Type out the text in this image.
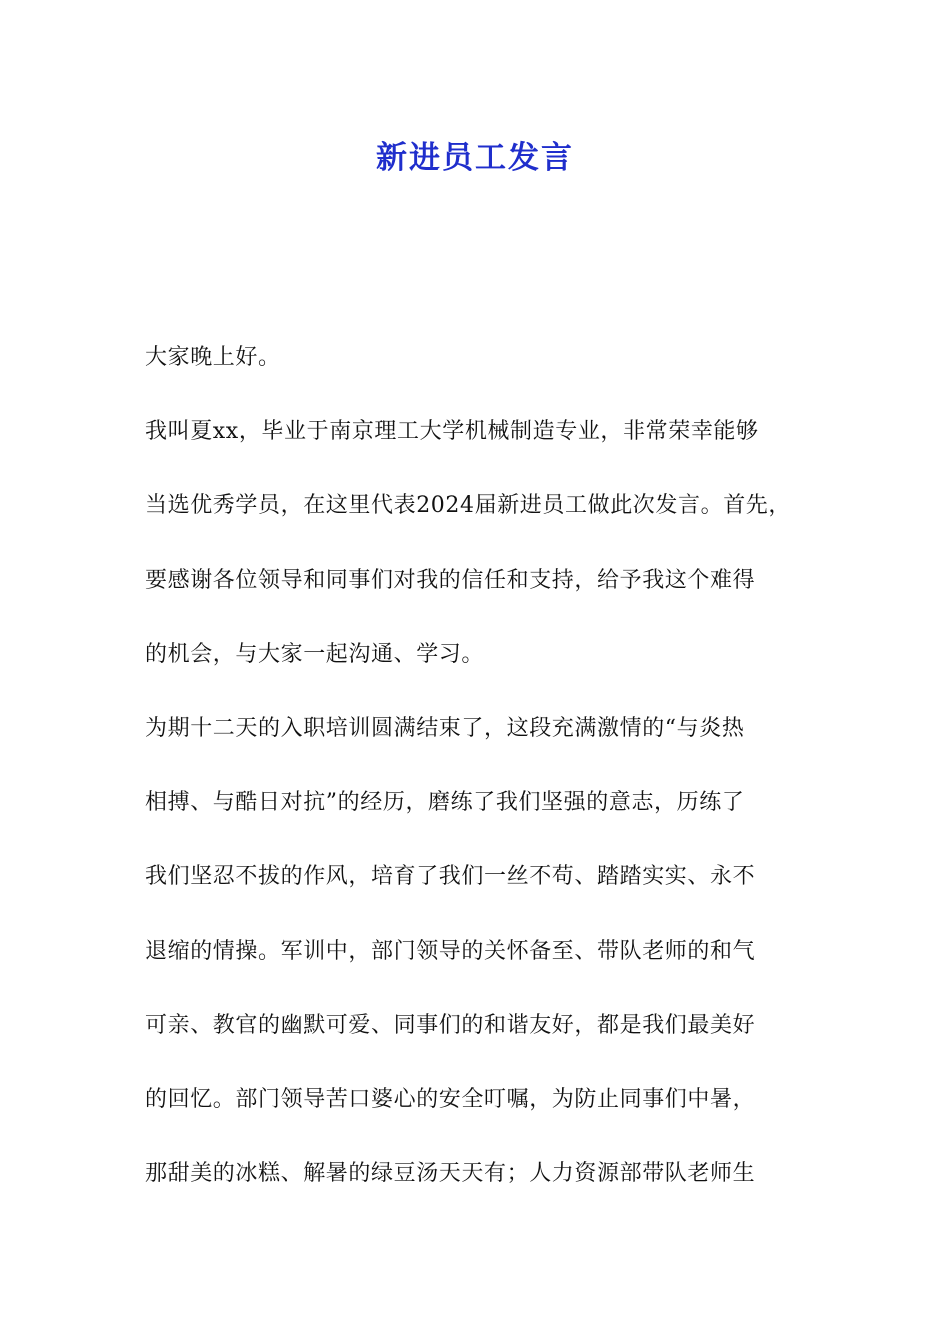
新进员工发言
大家晚上好。
我叫夏xx，毕业于南京理工大学机械制造专业，非常荣幸能够
当选优秀学员，在这里代表2024届新进员工做此次发言。首先，
要感谢各位领导和同事们对我的信任和支持，给予我这个难得
的机会，与大家一起沟通、学习。
为期十二天的入职培训圆满结束了，这段充满激情的“与炎热
相搏、与酷日对抗”的经历，磨练了我们坚强的意志，历练了
我们坚忍不拔的作风，培育了我们一丝不苟、踏踏实实、永不
退缩的情操。军训中，部门领导的关怀备至、带队老师的和气
可亲、教官的幽默可爱、同事们的和谐友好，都是我们最美好
的回忆。部门领导苦口婆心的安全叮嘱，为防止同事们中暑，
那甜美的冰糕、解暑的绿豆汤天天有；人力资源部带队老师生
